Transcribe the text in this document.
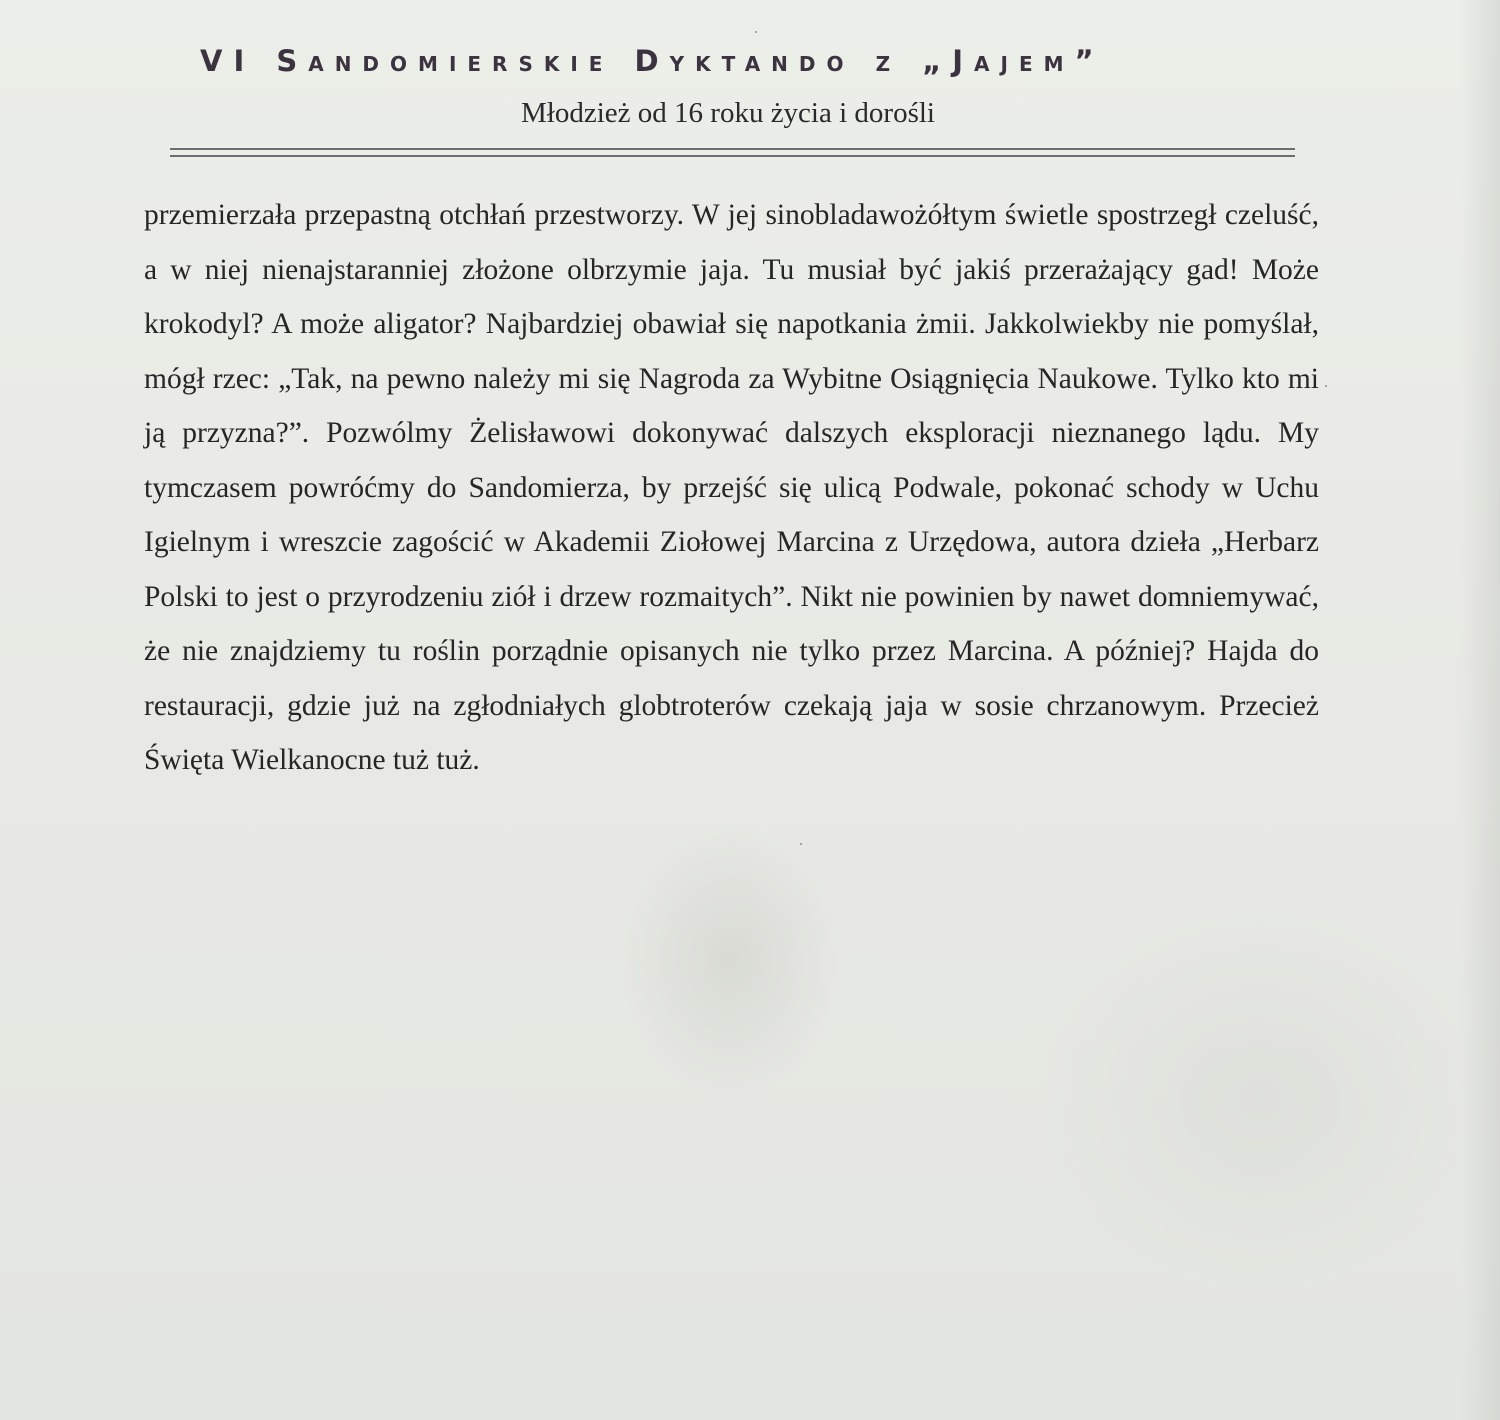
VI Sandomierskie Dyktando z „Jajem”
Młodzież od 16 roku życia i dorośli

przemierzała przepastną otchłań przestworzy. W jej sinobladawożółtym świetle spostrzegł czeluść, a w niej nienajstaranniej złożone olbrzymie jaja. Tu musiał być jakiś przerażający gad! Może krokodyl? A może aligator? Najbardziej obawiał się napotkania żmii. Jakkolwiekby nie pomyślał, mógł rzec: „Tak, na pewno należy mi się Nagroda za Wybitne Osiągnięcia Naukowe. Tylko kto mi ją przyzna?”. Pozwólmy Żelisławowi dokonywać dalszych eksploracji nieznanego lądu. My tymczasem powróćmy do Sandomierza, by przejść się ulicą Podwale, pokonać schody w Uchu Igielnym i wreszcie zagościć w Akademii Ziołowej Marcina z Urzędowa, autora dzieła „Herbarz Polski to jest o przyrodzeniu ziół i drzew rozmaitych”. Nikt nie powinien by nawet domniemywać, że nie znajdziemy tu roślin porządnie opisanych nie tylko przez Marcina. A później? Hajda do restauracji, gdzie już na zgłodniałych globtroterów czekają jaja w sosie chrzanowym. Przecież Święta Wielkanocne tuż tuż.
